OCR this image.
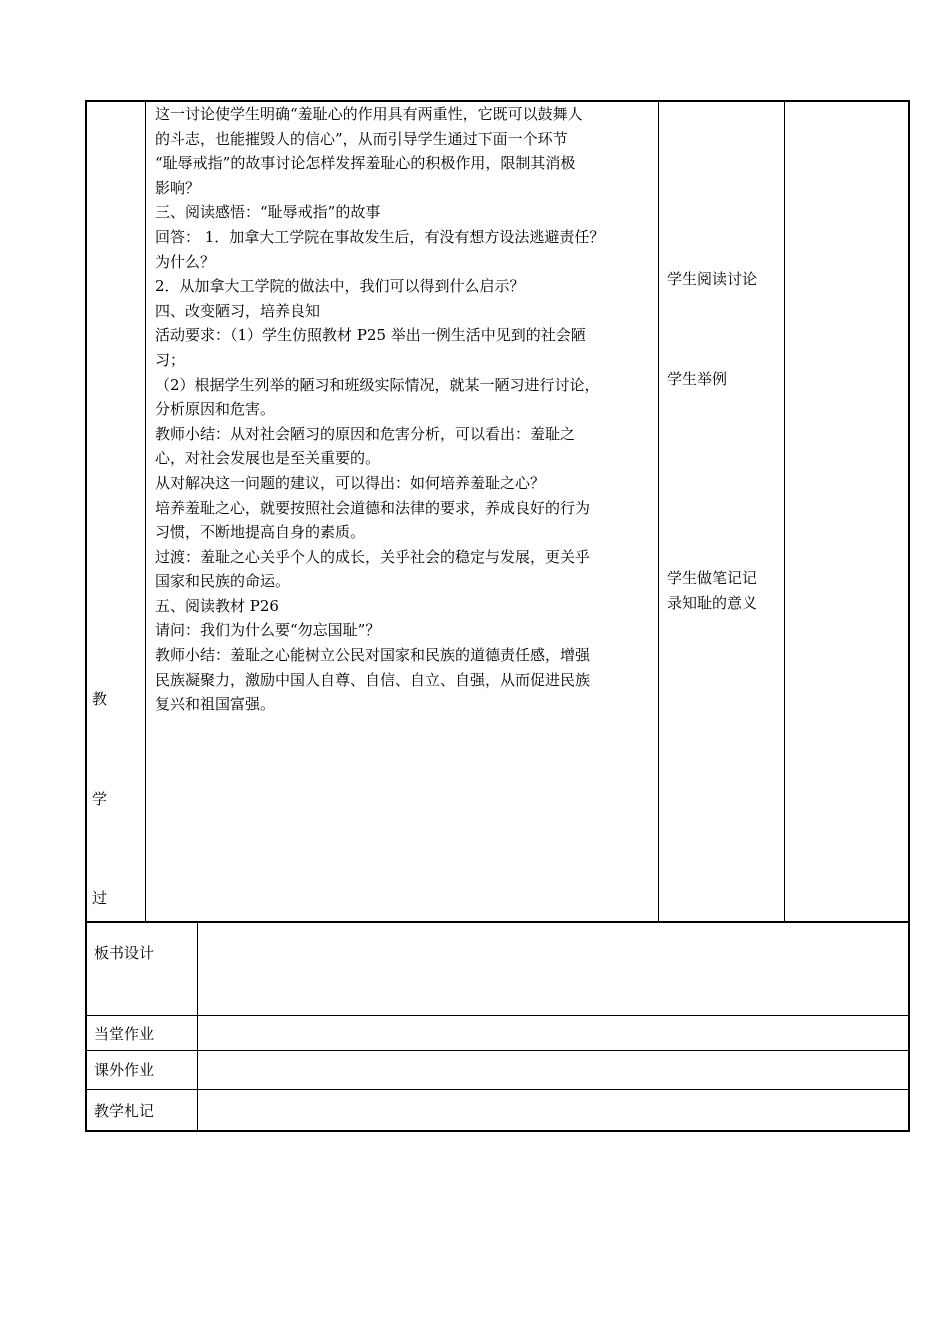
教
学
过
这一讨论使学生明确“羞耻心的作用具有两重性，它既可以鼓舞人
的斗志，也能摧毁人的信心”，从而引导学生通过下面一个环节
“耻辱戒指”的故事讨论怎样发挥羞耻心的积极作用，限制其消极
影响？
三、阅读感悟：“耻辱戒指”的故事
回答： 1．加拿大工学院在事故发生后，有没有想方设法逃避责任？
为什么？
2．从加拿大工学院的做法中，我们可以得到什么启示？
四、改变陋习，培养良知
活动要求：（1）学生仿照教材 P25 举出一例生活中见到的社会陋
习；
（2）根据学生列举的陋习和班级实际情况，就某一陋习进行讨论，
分析原因和危害。
教师小结：从对社会陋习的原因和危害分析，可以看出：羞耻之
心，对社会发展也是至关重要的。
从对解决这一问题的建议，可以得出：如何培养羞耻之心？
培养羞耻之心，就要按照社会道德和法律的要求，养成良好的行为
习惯，不断地提高自身的素质。
过渡：羞耻之心关乎个人的成长，关乎社会的稳定与发展，更关乎
国家和民族的命运。
五、阅读教材 P26
请问：我们为什么要“勿忘国耻”？
教师小结：羞耻之心能树立公民对国家和民族的道德责任感，增强
民族凝聚力，激励中国人自尊、自信、自立、自强，从而促进民族
复兴和祖国富强。
学生阅读讨论
学生举例
学生做笔记记
录知耻的意义
板书设计
当堂作业
课外作业
教学札记
